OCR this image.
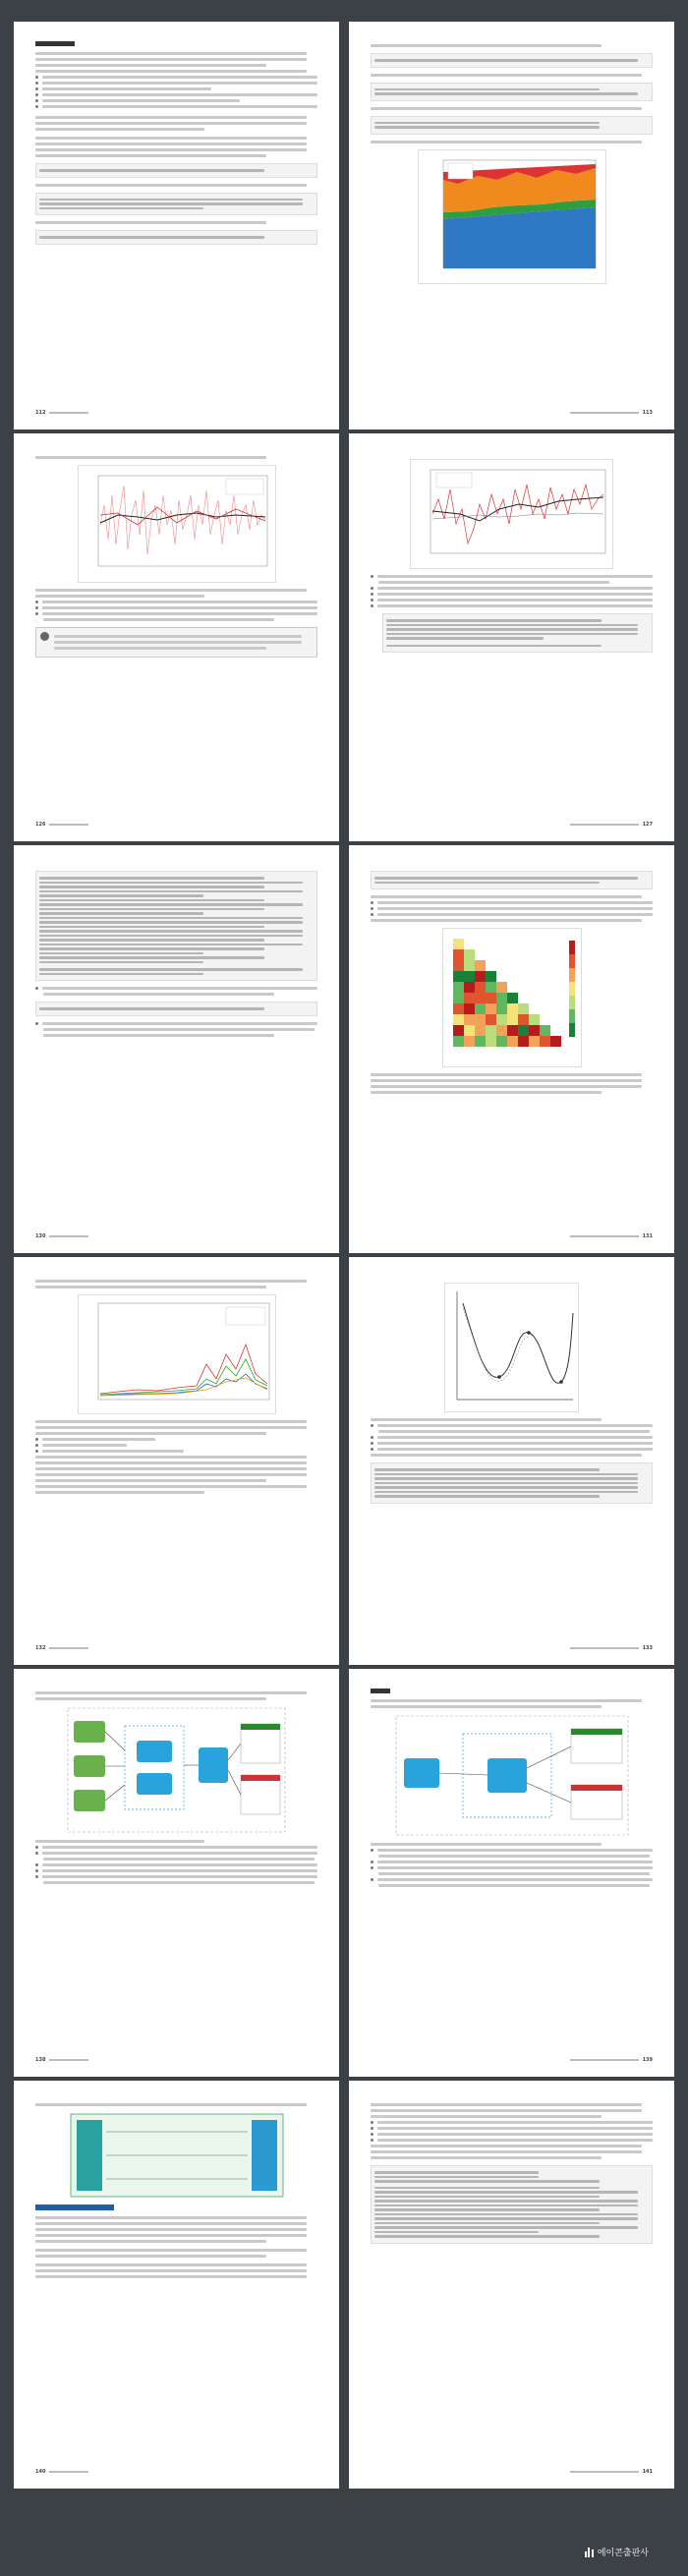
112	113
126	127
130	131
132	133
138	139
140	141
에이콘출판사
